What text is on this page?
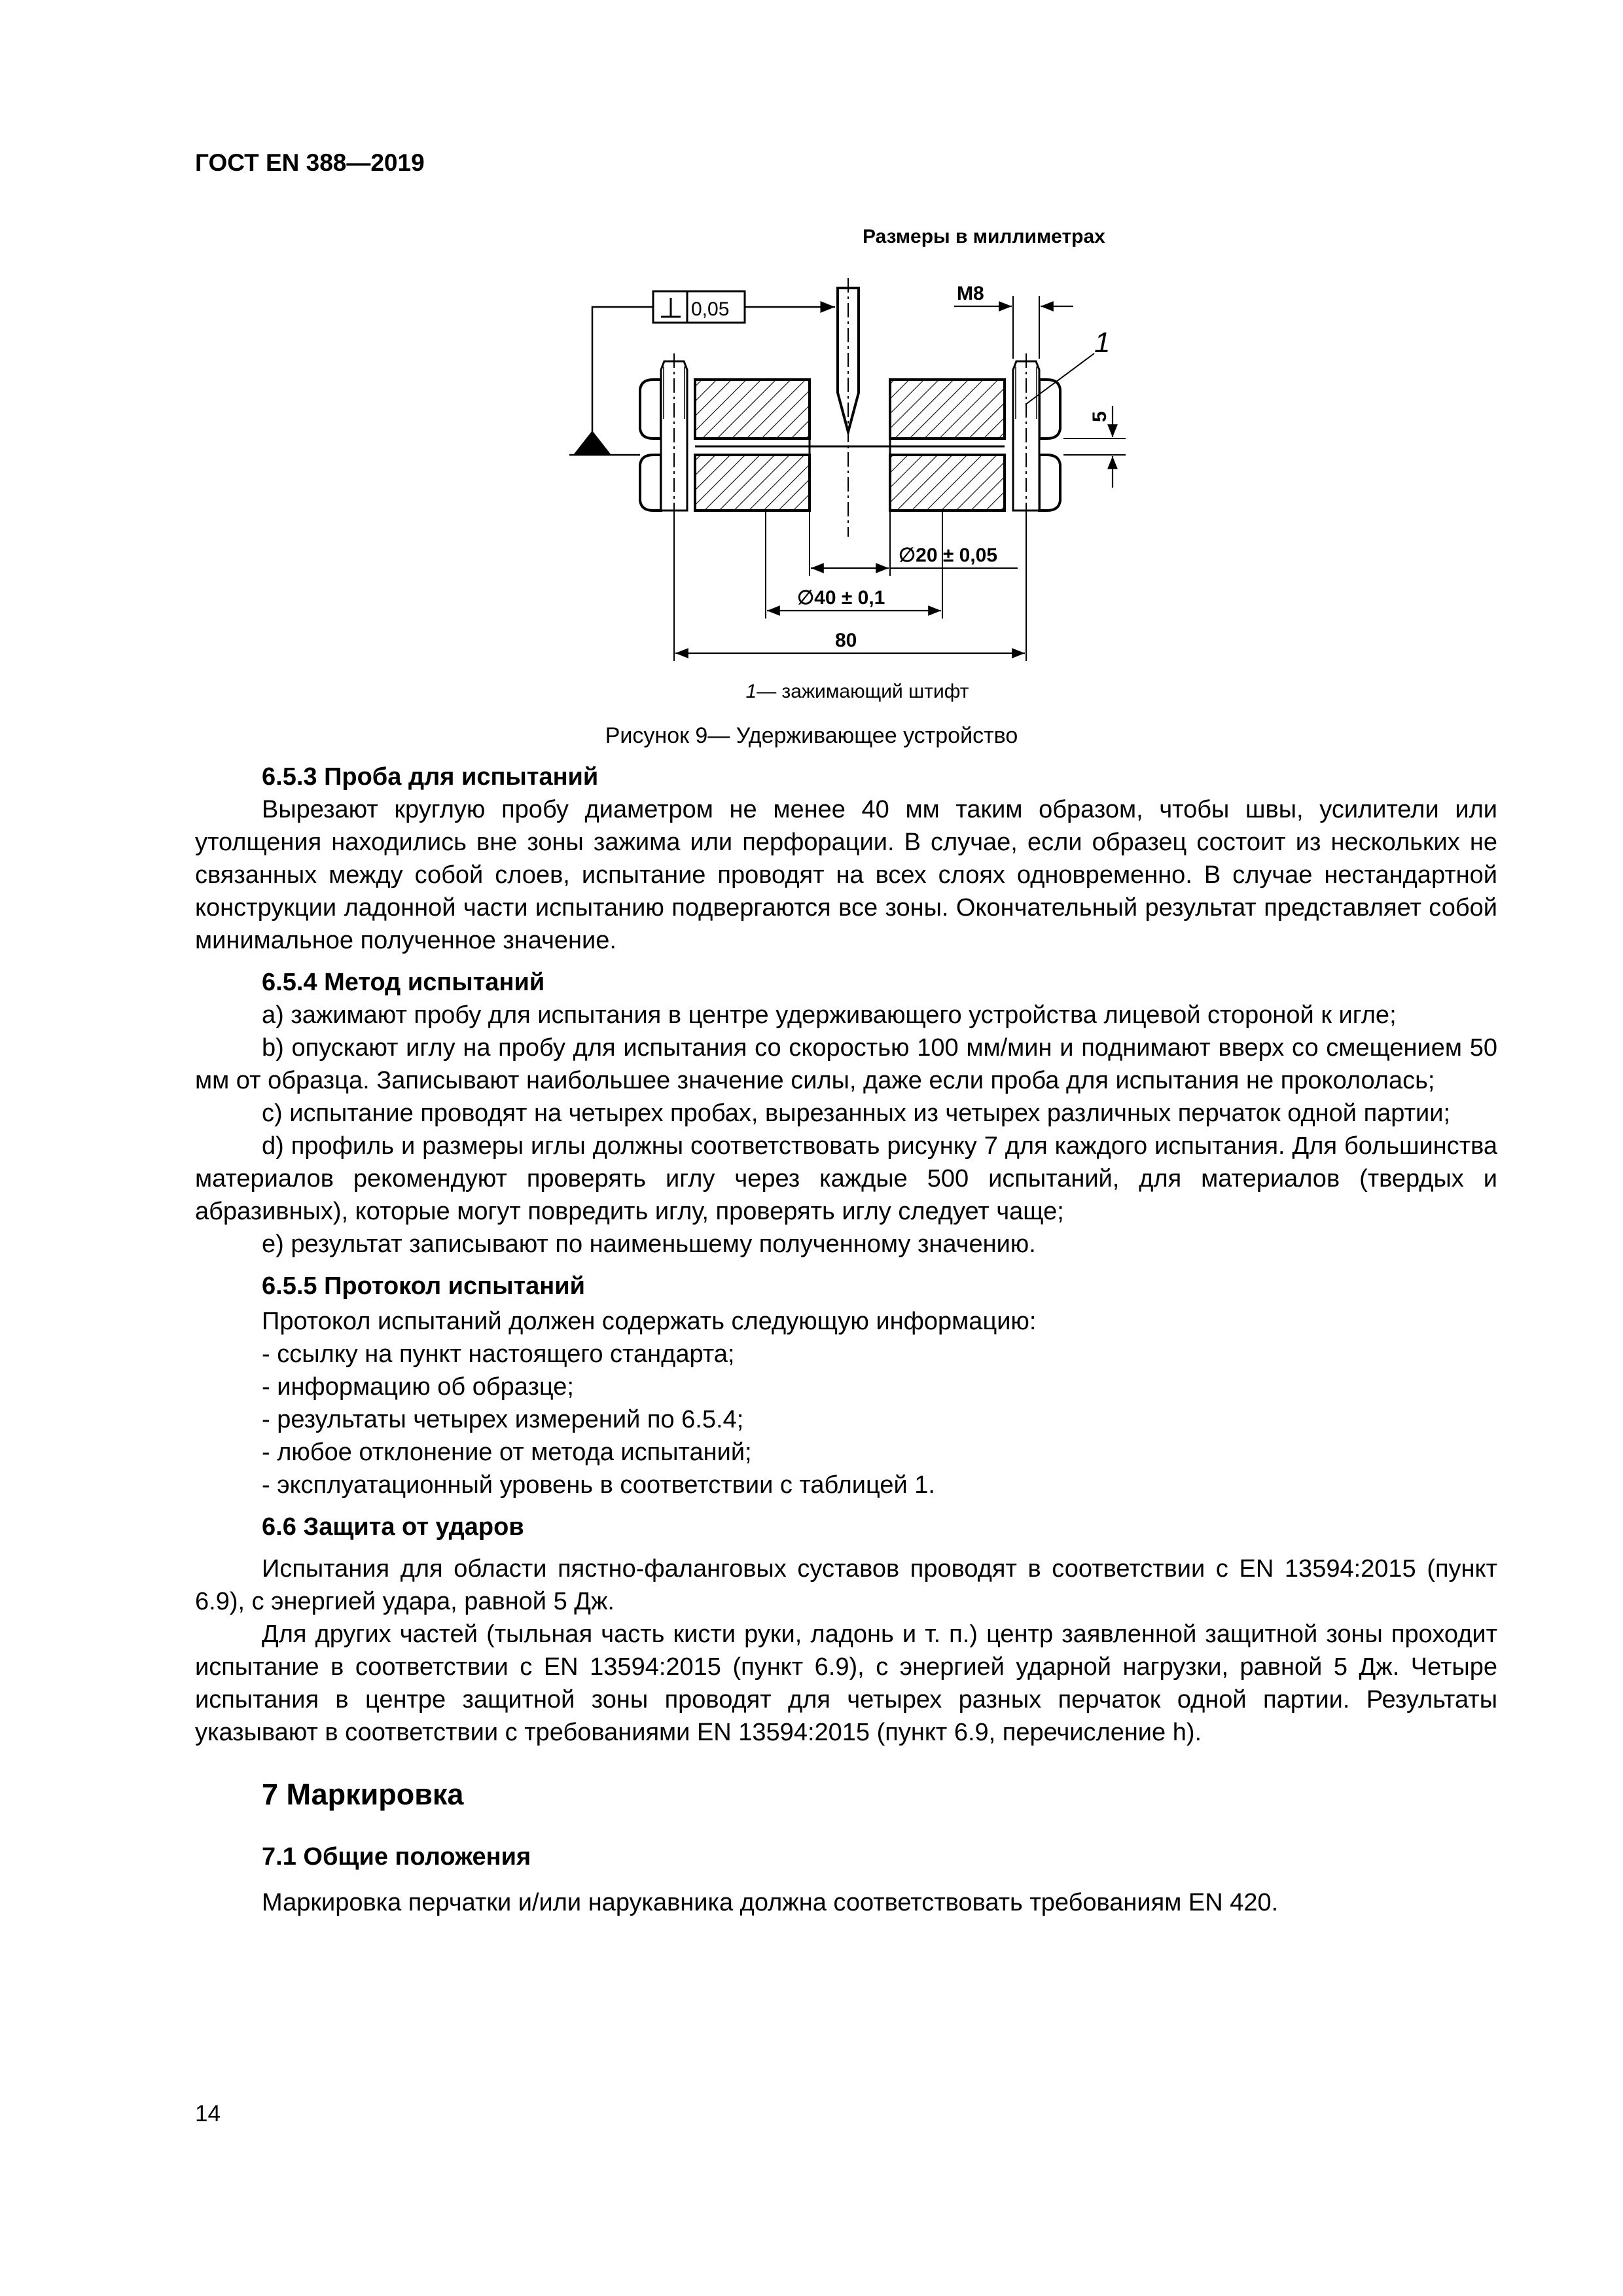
ГОСТ EN 388—2019
Размеры в миллиметрах
0,05
М8
1
5
∅20 ± 0,05
∅40 ± 0,1
80
1— зажимающий штифт
Рисунок 9— Удерживающее устройство
6.5.3 Проба для испытаний

Вырезают круглую пробу диаметром не менее 40 мм таким образом, чтобы швы, усилители или утолщения находились вне зоны зажима или перфорации. В случае, если образец состоит из нескольких не связанных между собой слоев, испытание проводят на всех слоях одновременно. В случае нестандартной конструкции ладонной части испытанию подвергаются все зоны. Окончательный результат представляет собой минимальное полученное значение.

6.5.4 Метод испытаний

а) зажимают пробу для испытания в центре удерживающего устройства лицевой стороной к игле;

b) опускают иглу на пробу для испытания со скоростью 100 мм/мин и поднимают вверх со смещением 50 мм от образца. Записывают наибольшее значение силы, даже если проба для испытания не прокололась;

с) испытание проводят на четырех пробах, вырезанных из четырех различных перчаток одной партии;

d) профиль и размеры иглы должны соответствовать рисунку 7 для каждого испытания. Для большинства материалов рекомендуют проверять иглу через каждые 500 испытаний, для материалов (твердых и абразивных), которые могут повредить иглу, проверять иглу следует чаще;

е) результат записывают по наименьшему полученному значению.

6.5.5 Протокол испытаний

Протокол испытаний должен содержать следующую информацию:

- ссылку на пункт настоящего стандарта;

- информацию об образце;

- результаты четырех измерений по 6.5.4;

- любое отклонение от метода испытаний;

- эксплуатационный уровень в соответствии с таблицей 1.

6.6 Защита от ударов

Испытания для области пястно-фаланговых суставов проводят в соответствии с EN 13594:2015 (пункт 6.9), с энергией удара, равной 5 Дж.

Для других частей (тыльная часть кисти руки, ладонь и т. п.) центр заявленной защитной зоны проходит испытание в соответствии с EN 13594:2015 (пункт 6.9), с энергией ударной нагрузки, равной 5 Дж. Четыре испытания в центре защитной зоны проводят для четырех разных перчаток одной партии. Результаты указывают в соответствии с требованиями EN 13594:2015 (пункт 6.9, перечисление h).

7 Маркировка
7.1 Общие положения

Маркировка перчатки и/или нарукавника должна соответствовать требованиям EN 420.

14
